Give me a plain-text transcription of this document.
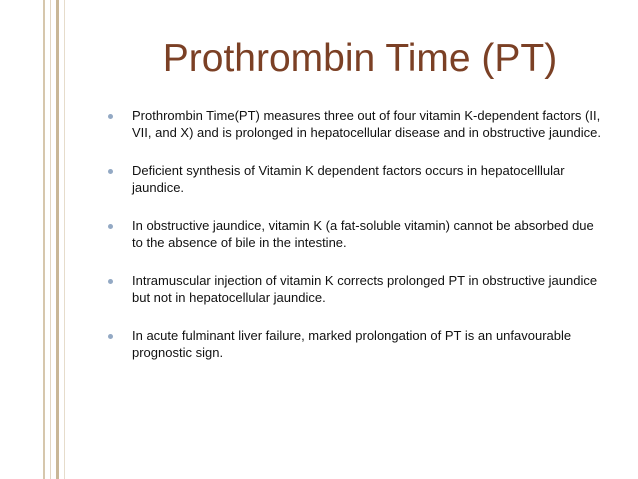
Prothrombin Time (PT)
Prothrombin Time(PT) measures three out of four vitamin K-dependent factors (II, VII, and X) and is prolonged in hepatocellular disease and in obstructive jaundice.
Deficient synthesis of Vitamin K dependent factors occurs in hepatocelllular jaundice.
In obstructive jaundice, vitamin K (a fat-soluble vitamin) cannot be absorbed due to the absence of bile in the intestine.
Intramuscular injection of vitamin K corrects prolonged PT in obstructive jaundice but not in hepatocellular jaundice.
In acute fulminant liver failure, marked prolongation of PT is an unfavourable prognostic sign.
